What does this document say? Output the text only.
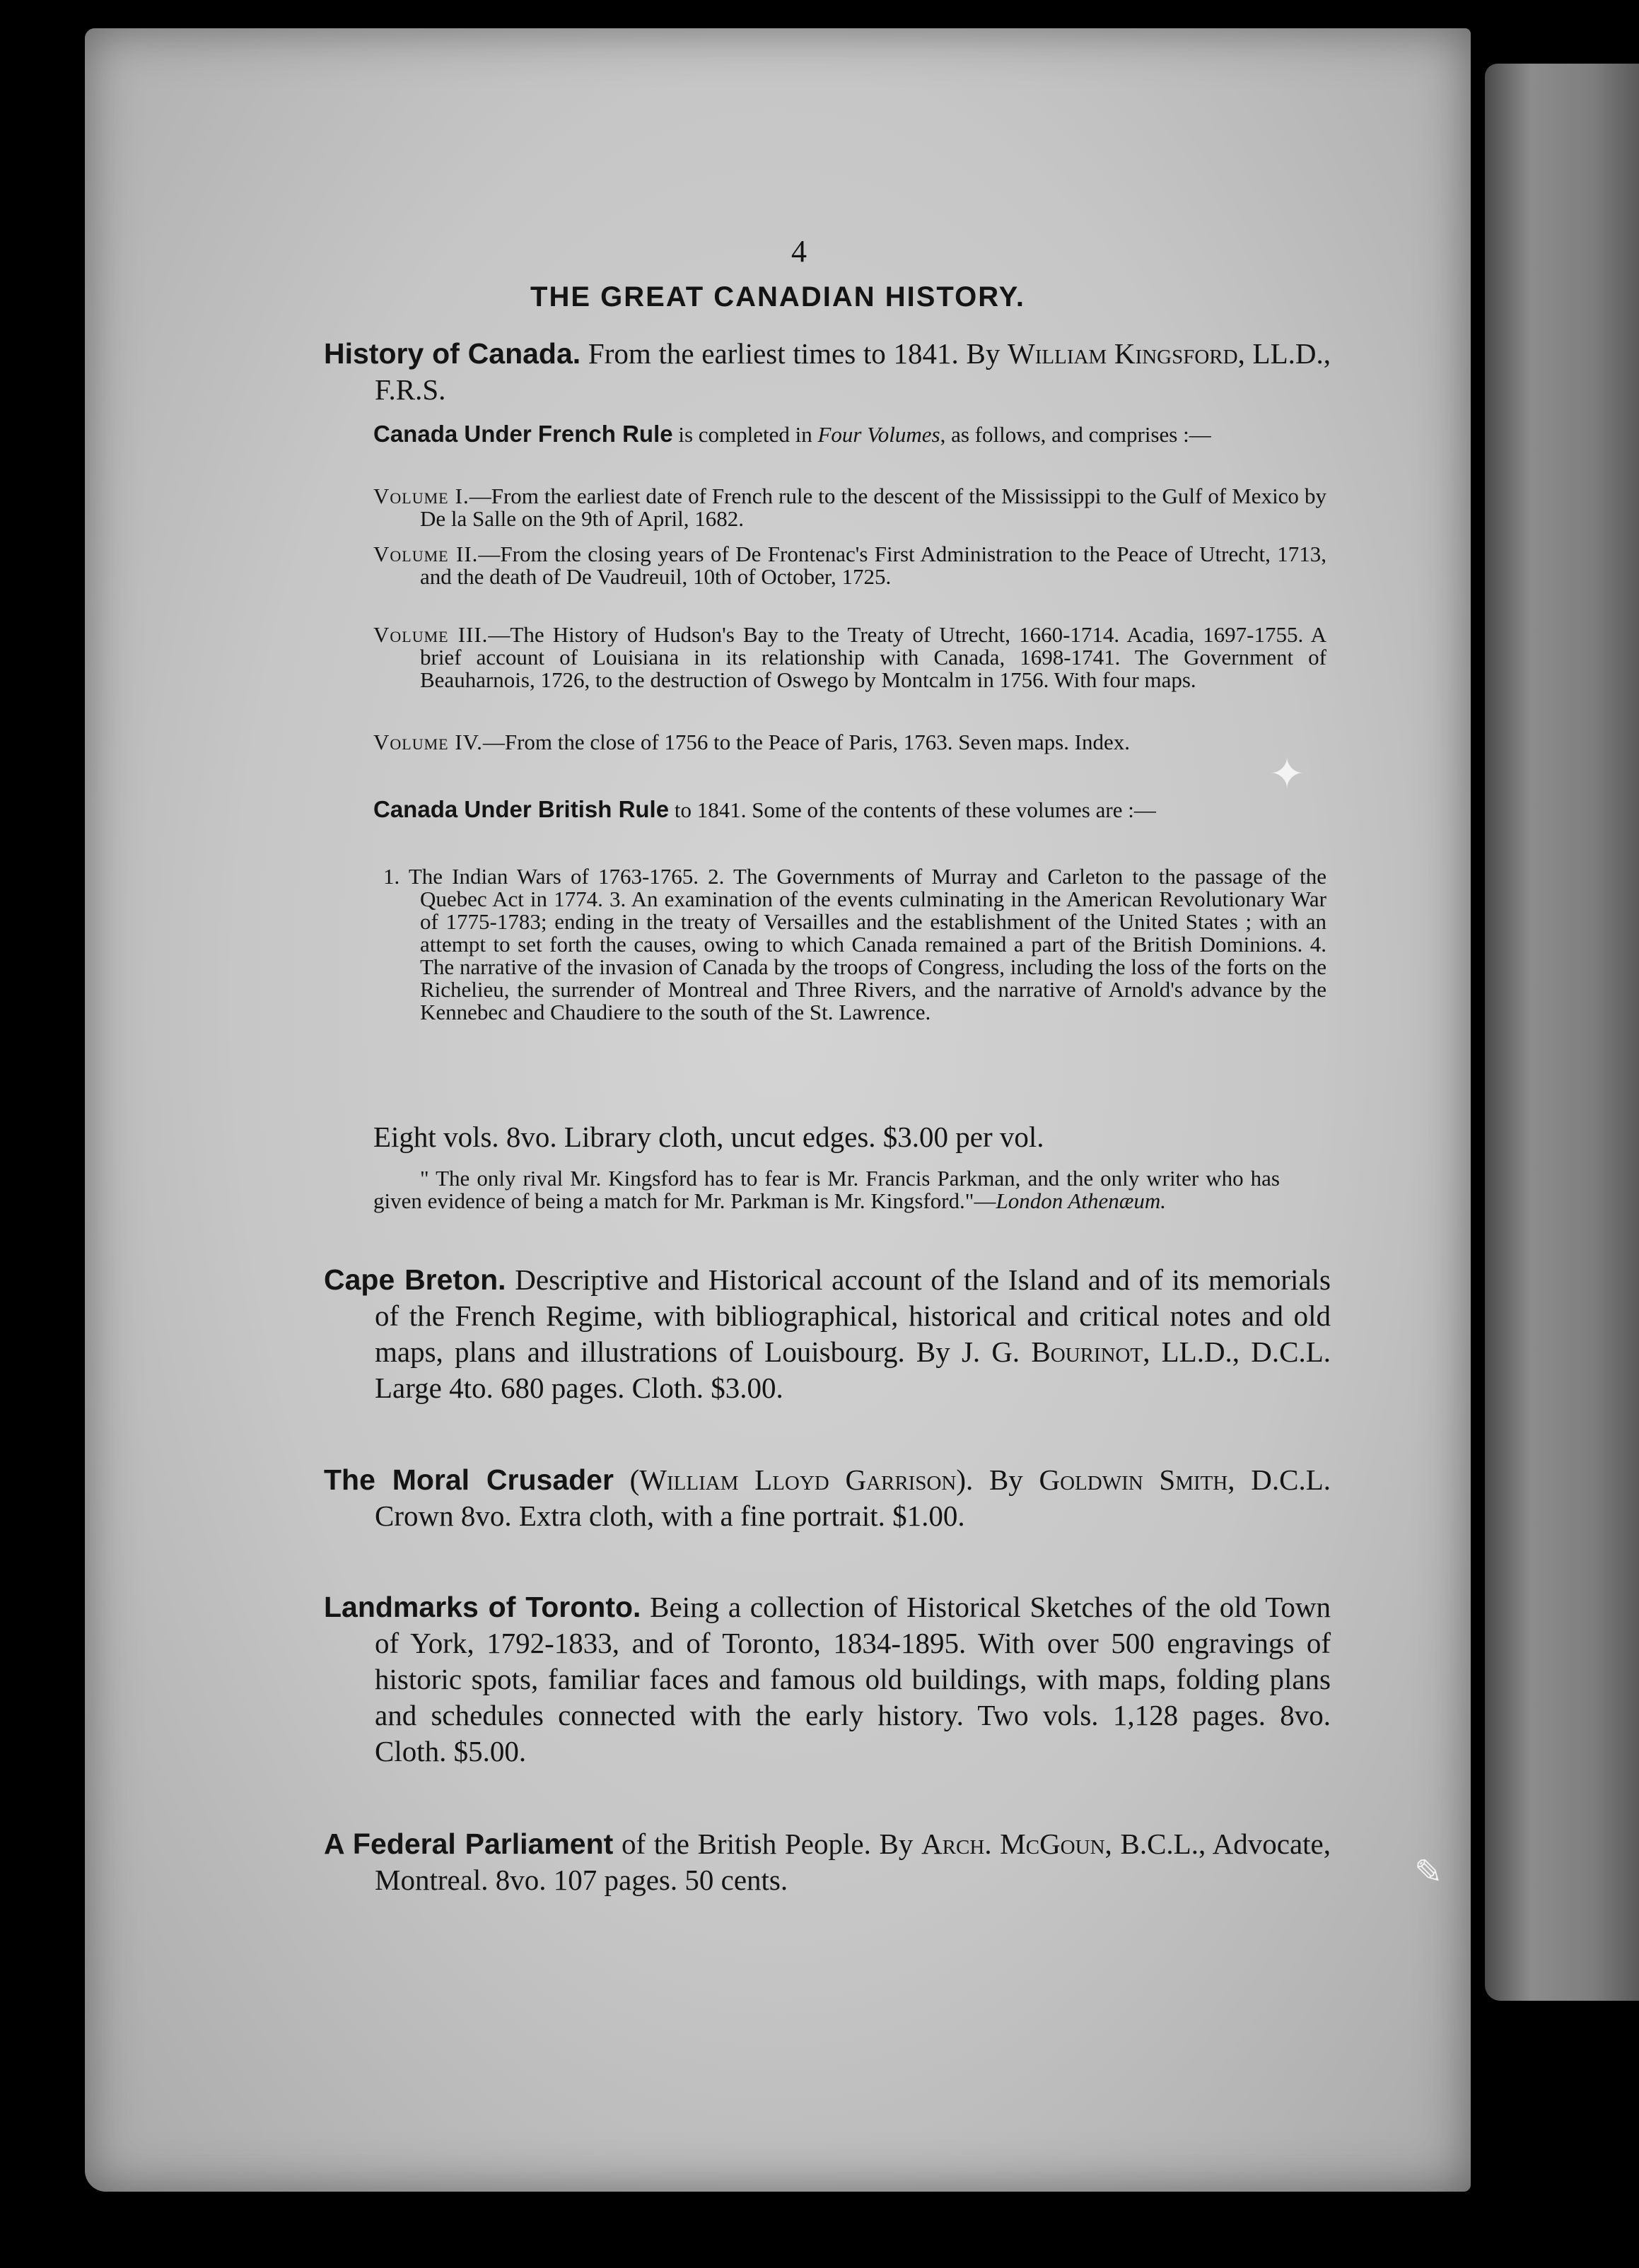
✦
✎
4
THE GREAT CANADIAN HISTORY.
History of Canada. From the earliest times to 1841. By William Kingsford, LL.D., F.R.S.
Canada Under French Rule is completed in Four Volumes, as follows, and comprises :—
Volume I.—From the earliest date of French rule to the descent of the Mississippi to the Gulf of Mexico by De la Salle on the 9th of April, 1682.
Volume II.—From the closing years of De Frontenac's First Administration to the Peace of Utrecht, 1713, and the death of De Vaudreuil, 10th of October, 1725.
Volume III.—The History of Hudson's Bay to the Treaty of Utrecht, 1660-1714. Acadia, 1697-1755. A brief account of Louisiana in its relationship with Canada, 1698-1741. The Government of Beauharnois, 1726, to the destruction of Oswego by Montcalm in 1756. With four maps.
Volume IV.—From the close of 1756 to the Peace of Paris, 1763. Seven maps. Index.
Canada Under British Rule to 1841. Some of the contents of these volumes are :—
1. The Indian Wars of 1763-1765. 2. The Governments of Murray and Carleton to the passage of the Quebec Act in 1774. 3. An examination of the events culminating in the American Revolutionary War of 1775-1783; ending in the treaty of Versailles and the establishment of the United States ; with an attempt to set forth the causes, owing to which Canada remained a part of the British Dominions. 4. The narrative of the invasion of Canada by the troops of Congress, including the loss of the forts on the Richelieu, the surrender of Montreal and Three Rivers, and the narrative of Arnold's advance by the Kennebec and Chaudiere to the south of the St. Lawrence.
Eight vols. 8vo. Library cloth, uncut edges. $3.00 per vol.
" The only rival Mr. Kingsford has to fear is Mr. Francis Parkman, and the only writer who has given evidence of being a match for Mr. Parkman is Mr. Kingsford."—London Athenæum.
Cape Breton. Descriptive and Historical account of the Island and of its memorials of the French Regime, with bibliographical, historical and critical notes and old maps, plans and illustrations of Louisbourg. By J. G. Bourinot, LL.D., D.C.L. Large 4to. 680 pages. Cloth. $3.00.
The Moral Crusader (William Lloyd Garrison). By Goldwin Smith, D.C.L. Crown 8vo. Extra cloth, with a fine portrait. $1.00.
Landmarks of Toronto. Being a collection of Historical Sketches of the old Town of York, 1792-1833, and of Toronto, 1834-1895. With over 500 engravings of historic spots, familiar faces and famous old buildings, with maps, folding plans and schedules connected with the early history. Two vols. 1,128 pages. 8vo. Cloth. $5.00.
A Federal Parliament of the British People. By Arch. McGoun, B.C.L., Advocate, Montreal. 8vo. 107 pages. 50 cents.
